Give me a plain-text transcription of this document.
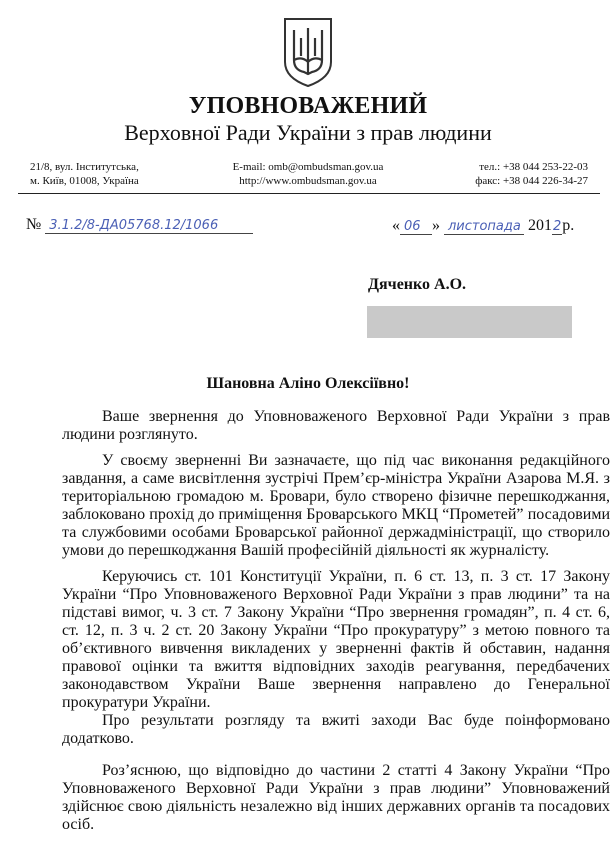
УПОВНОВАЖЕНИЙ
Верховної Ради України з прав людини
21/8, вул. Інститутська,
м. Київ, 01008, Україна
E-mail: omb@ombudsman.gov.ua
http://www.ombudsman.gov.ua
тел.: +38 044 253-22-03
факс: +38 044 226-34-27
№ 3.1.2/8-ДА05768.12/1066	« 06 » листопада 2012р.
Дяченко А.О.
Шановна Аліно Олексіївно!

Ваше звернення до Уповноваженого Верховної Ради України з прав людини розглянуто.

У своєму зверненні Ви зазначаєте, що під час виконання редакційного завдання, а саме висвітлення зустрічі Прем’єр-міністра України Азарова М.Я. з територіальною громадою м. Бровари, було створено фізичне перешкоджання, заблоковано прохід до приміщення Броварського МКЦ “Прометей” посадовими та службовими особами Броварської районної держадміністрації, що створило умови до перешкоджання Вашій професійній діяльності як журналісту.

Керуючись ст. 101 Конституції України, п. 6 ст. 13, п. 3 ст. 17 Закону України “Про Уповноваженого Верховної Ради України з прав людини” та на підставі вимог, ч. 3 ст. 7 Закону України “Про звернення громадян”, п. 4 ст. 6, ст. 12, п. 3 ч. 2 ст. 20 Закону України “Про прокуратуру” з метою повного та об’єктивного вивчення викладених у зверненні фактів й обставин, надання правової оцінки та вжиття відповідних заходів реагування, передбачених законодавством України Ваше звернення направлено до Генеральної прокуратури України.

Про результати розгляду та вжиті заходи Вас буде поінформовано додатково.

Роз’яснюю, що відповідно до частини 2 статті 4 Закону України “Про Уповноваженого Верховної Ради України з прав людини” Уповноважений здійснює свою діяльність незалежно від інших державних органів та посадових осіб.
